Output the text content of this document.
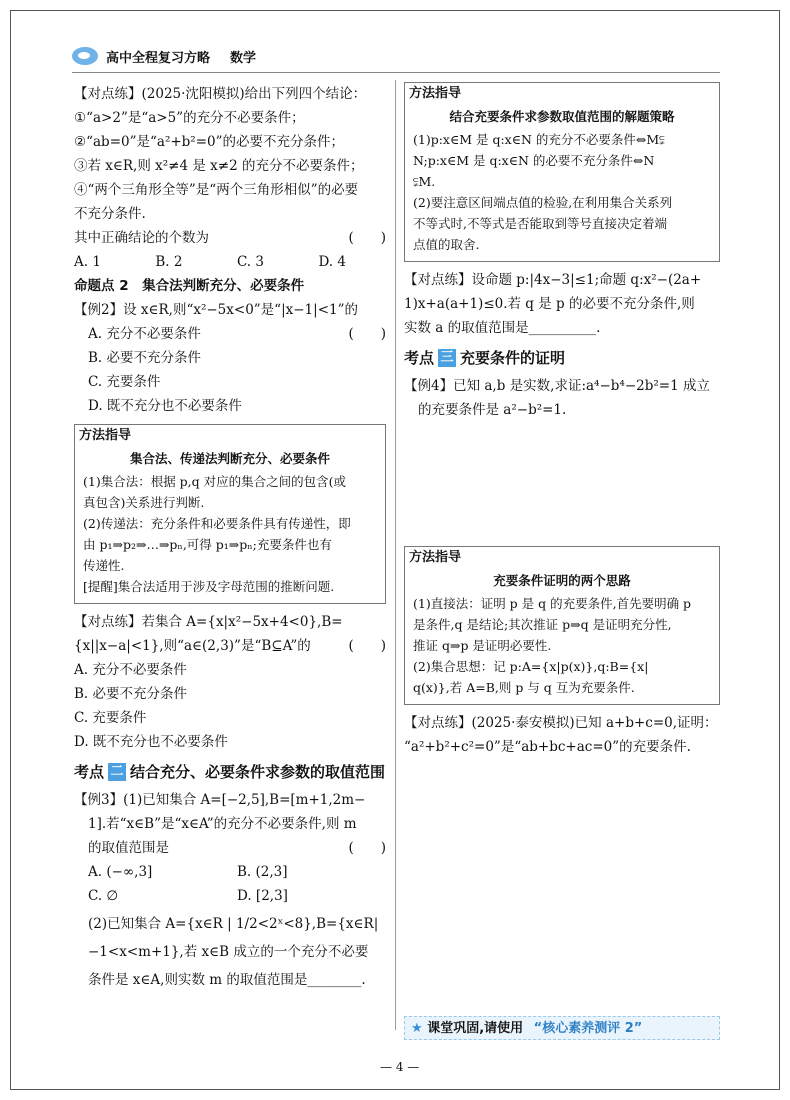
高中全程复习方略 数学

【对点练】(2025·沈阳模拟)给出下列四个结论：

①“a>2”是“a>5”的充分不必要条件；

②“ab=0”是“a²+b²=0”的必要不充分条件；

③若 x∈R,则 x²≠4 是 x≠2 的充分不必要条件；

④“两个三角形全等”是“两个三角形相似”的必要

不充分条件.

其中正确结论的个数为	(　　)

A. 1	B. 2	C. 3	D. 4

命题点 2　集合法判断充分、必要条件

【例2】设 x∈R,则“x²−5x<0”是“|x−1|<1”的
(　　)

A. 充分不必要条件

B. 必要不充分条件

C. 充要条件

D. 既不充分也不必要条件

方法指导
集合法、传递法判断充分、必要条件
(1)集合法：根据 p,q 对应的集合之间的包含(或
真包含)关系进行判断.
(2)传递法：充分条件和必要条件具有传递性，即
由 p₁⇒p₂⇒…⇒pₙ,可得 p₁⇒pₙ;充要条件也有
传递性.
[提醒]集合法适用于涉及字母范围的推断问题.

【对点练】若集合 A={x|x²−5x+4<0},B=

{x||x−a|<1},则“a∈(2,3)”是“B⊆A”的	(　　)

A. 充分不必要条件

B. 必要不充分条件

C. 充要条件

D. 既不充分也不必要条件

考点 二 结合充分、必要条件求参数的取值范围

【例3】(1)已知集合 A=[−2,5],B=[m+1,2m−

1].若“x∈B”是“x∈A”的充分不必要条件,则 m

的取值范围是	(　　)

A. (−∞,3]	B. (2,3]
C. ∅	D. [2,3]

(2)已知集合 A={x∈R | 1/2<2ˣ<8},B={x∈R|

−1<x<m+1},若 x∈B 成立的一个充分不必要

条件是 x∈A,则实数 m 的取值范围是________.

方法指导
结合充要条件求参数取值范围的解题策略
(1)p:x∈M 是 q:x∈N 的充分不必要条件⇔M⫋
N;p:x∈M 是 q:x∈N 的必要不充分条件⇔N
⫋M.
(2)要注意区间端点值的检验,在利用集合关系列
不等式时,不等式是否能取到等号直接决定着端
点值的取舍.

【对点练】设命题 p:|4x−3|≤1;命题 q:x²−(2a+

1)x+a(a+1)≤0.若 q 是 p 的必要不充分条件,则

实数 a 的取值范围是__________.

考点 三 充要条件的证明

【例4】已知 a,b 是实数,求证:a⁴−b⁴−2b²=1 成立

的充要条件是 a²−b²=1.

方法指导
充要条件证明的两个思路
(1)直接法：证明 p 是 q 的充要条件,首先要明确 p
是条件,q 是结论;其次推证 p⇒q 是证明充分性,
推证 q⇒p 是证明必要性.
(2)集合思想：记 p:A={x|p(x)},q:B={x|
q(x)},若 A=B,则 p 与 q 互为充要条件.

【对点练】(2025·泰安模拟)已知 a+b+c=0,证明：

“a²+b²+c²=0”是“ab+bc+ac=0”的充要条件.

★ 课堂巩固,请使用 “核心素养测评 2”
— 4 —
